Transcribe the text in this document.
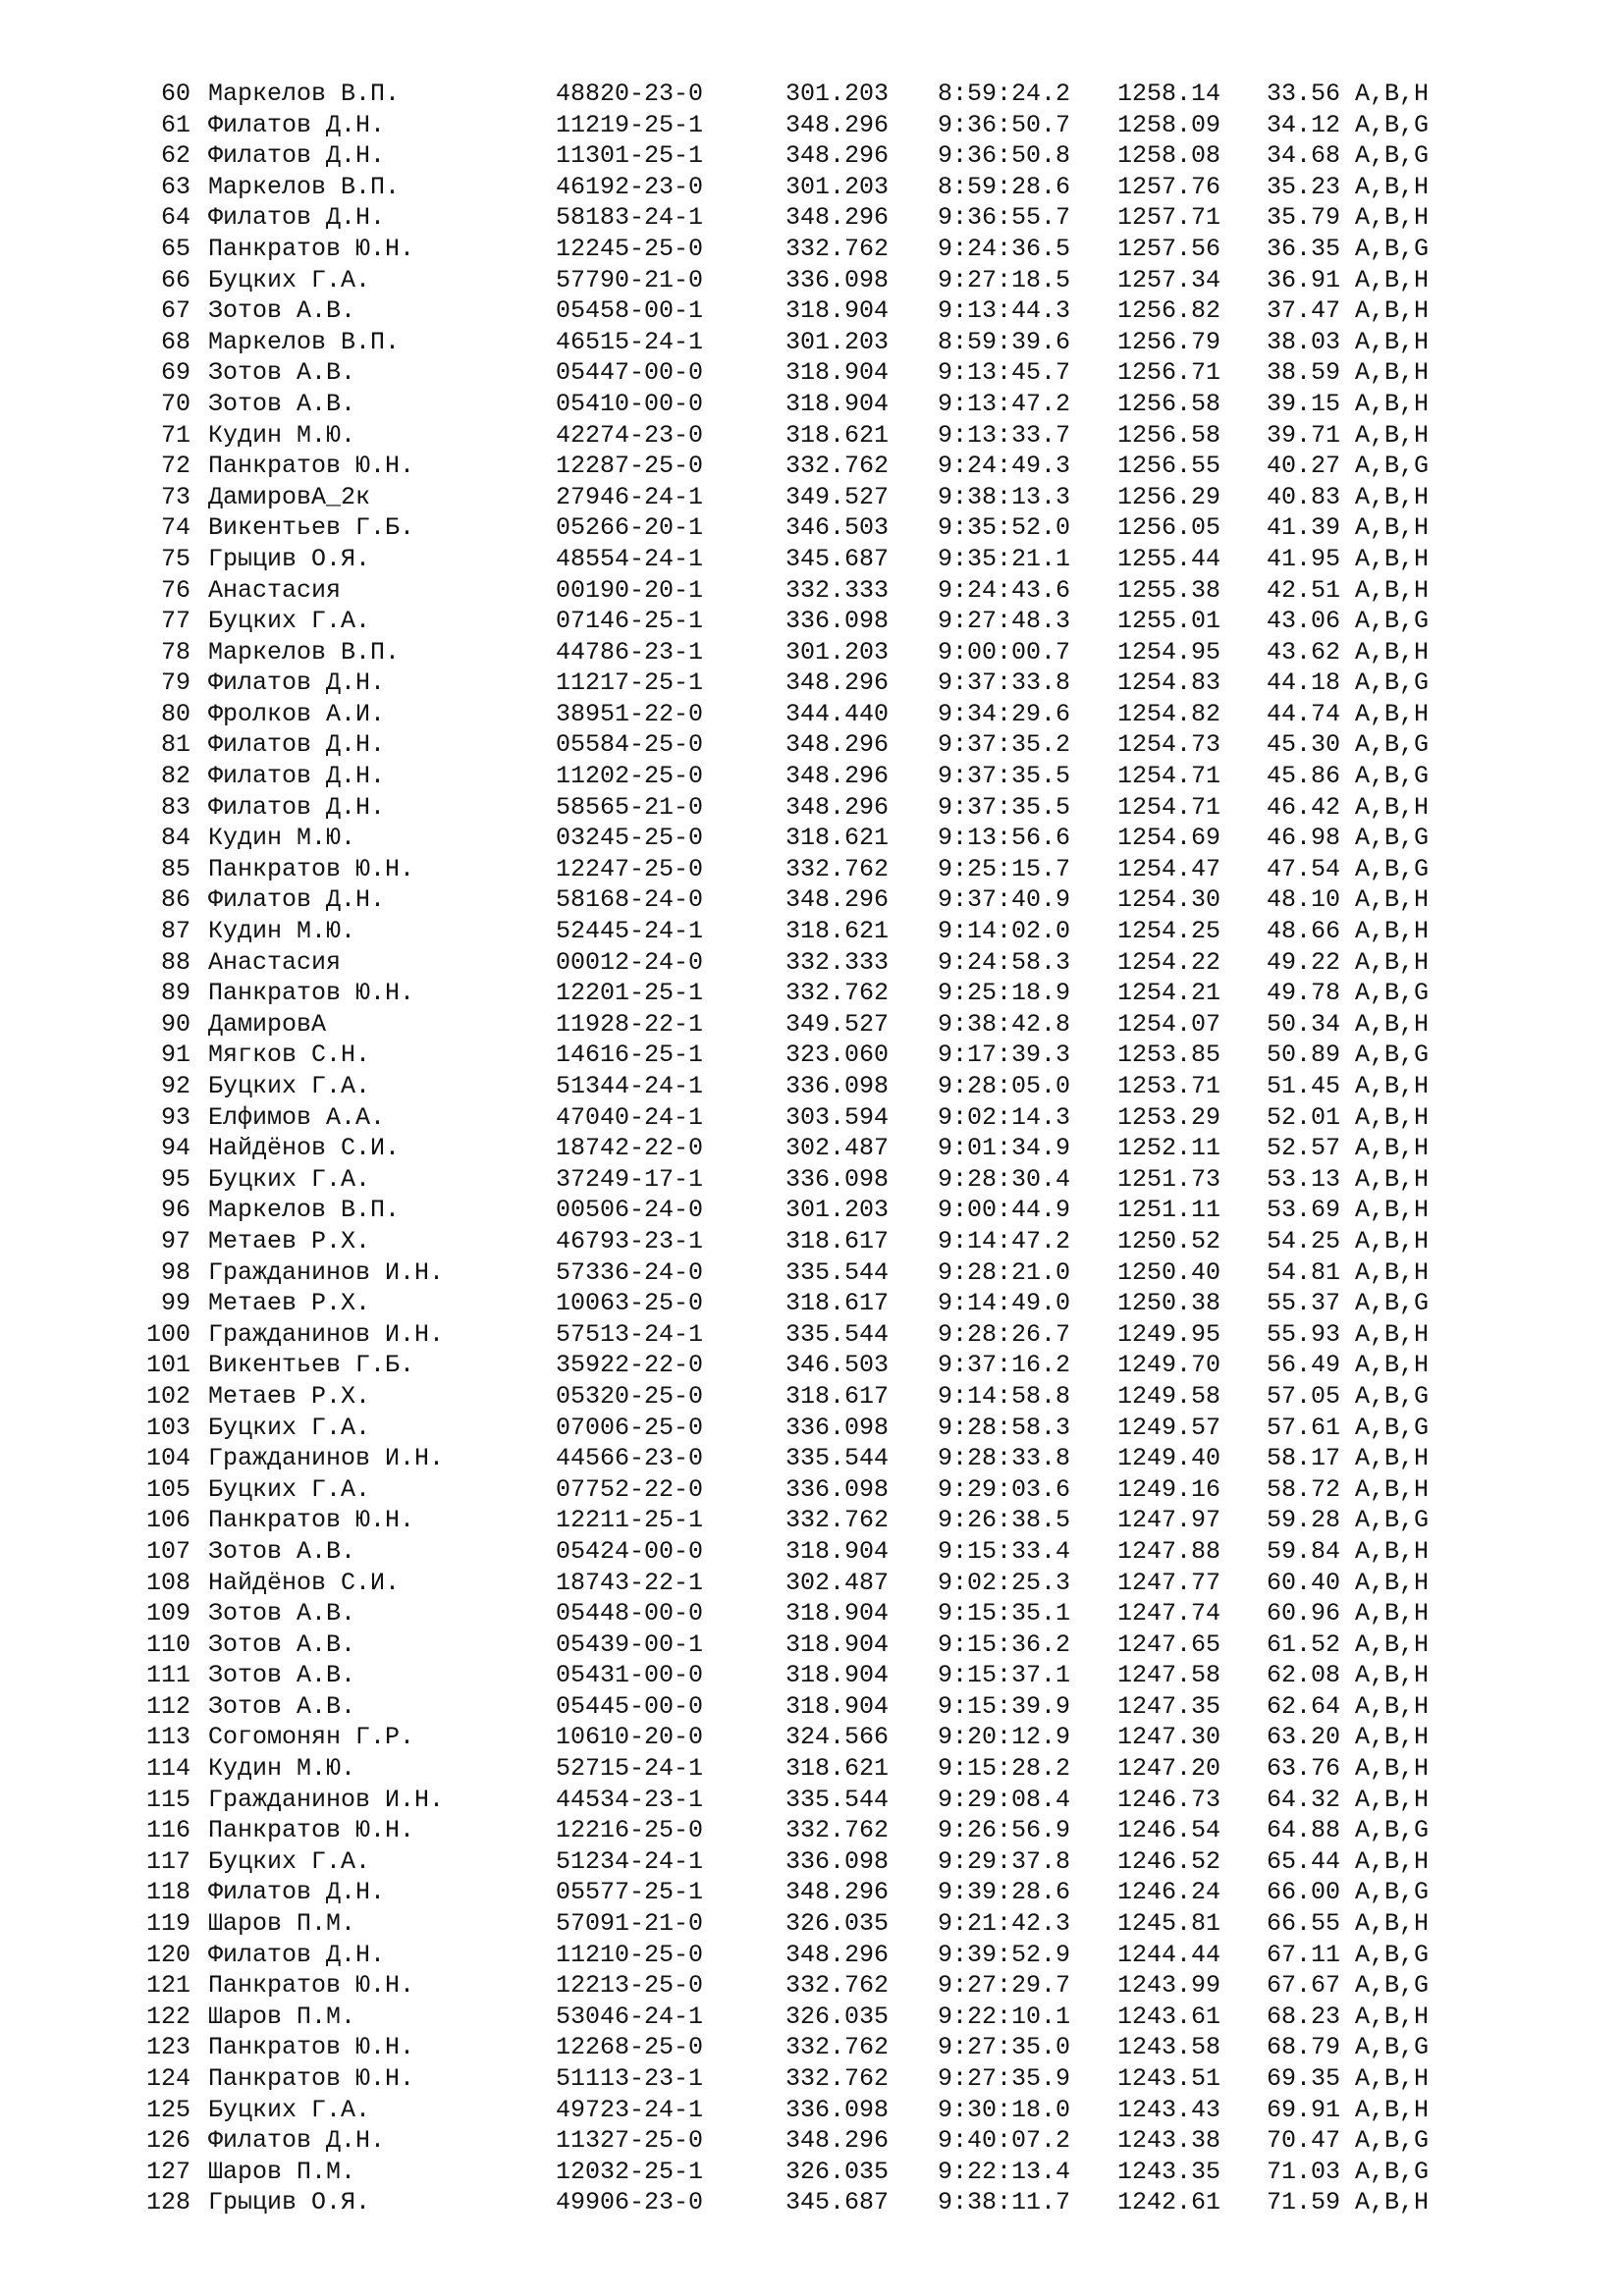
60 Маркелов В.П.	48820-23-0	301.203 8:59:24.2 1258.14 33.56 A,B,H
61 Филатов Д.Н.	11219-25-1	348.296 9:36:50.7 1258.09 34.12 A,B,G
62 Филатов Д.Н.	11301-25-1	348.296 9:36:50.8 1258.08 34.68 A,B,G
63 Маркелов В.П.	46192-23-0	301.203 8:59:28.6 1257.76 35.23 A,B,H
64 Филатов Д.Н.	58183-24-1	348.296 9:36:55.7 1257.71 35.79 A,B,H
65 Панкратов Ю.Н.	12245-25-0	332.762 9:24:36.5 1257.56 36.35 A,B,G
66 Буцких Г.А.	57790-21-0	336.098 9:27:18.5 1257.34 36.91 A,B,H
67 Зотов А.В.	05458-00-1	318.904 9:13:44.3 1256.82 37.47 A,B,H
68 Маркелов В.П.	46515-24-1	301.203 8:59:39.6 1256.79 38.03 A,B,H
69 Зотов А.В.	05447-00-0	318.904 9:13:45.7 1256.71 38.59 A,B,H
70 Зотов А.В.	05410-00-0	318.904 9:13:47.2 1256.58 39.15 A,B,H
71 Кудин М.Ю.	42274-23-0	318.621 9:13:33.7 1256.58 39.71 A,B,H
72 Панкратов Ю.Н.	12287-25-0	332.762 9:24:49.3 1256.55 40.27 A,B,G
73 ДамировА_2к	27946-24-1	349.527 9:38:13.3 1256.29 40.83 A,B,H
74 Викентьев Г.Б.	05266-20-1	346.503 9:35:52.0 1256.05 41.39 A,B,H
75 Грыцив О.Я.	48554-24-1	345.687 9:35:21.1 1255.44 41.95 A,B,H
76 Анастасия	00190-20-1	332.333 9:24:43.6 1255.38 42.51 A,B,H
77 Буцких Г.А.	07146-25-1	336.098 9:27:48.3 1255.01 43.06 A,B,G
78 Маркелов В.П.	44786-23-1	301.203 9:00:00.7 1254.95 43.62 A,B,H
79 Филатов Д.Н.	11217-25-1	348.296 9:37:33.8 1254.83 44.18 A,B,G
80 Фролков А.И.	38951-22-0	344.440 9:34:29.6 1254.82 44.74 A,B,H
81 Филатов Д.Н.	05584-25-0	348.296 9:37:35.2 1254.73 45.30 A,B,G
82 Филатов Д.Н.	11202-25-0	348.296 9:37:35.5 1254.71 45.86 A,B,G
83 Филатов Д.Н.	58565-21-0	348.296 9:37:35.5 1254.71 46.42 A,B,H
84 Кудин М.Ю.	03245-25-0	318.621 9:13:56.6 1254.69 46.98 A,B,G
85 Панкратов Ю.Н.	12247-25-0	332.762 9:25:15.7 1254.47 47.54 A,B,G
86 Филатов Д.Н.	58168-24-0	348.296 9:37:40.9 1254.30 48.10 A,B,H
87 Кудин М.Ю.	52445-24-1	318.621 9:14:02.0 1254.25 48.66 A,B,H
88 Анастасия	00012-24-0	332.333 9:24:58.3 1254.22 49.22 A,B,H
89 Панкратов Ю.Н.	12201-25-1	332.762 9:25:18.9 1254.21 49.78 A,B,G
90 ДамировА	11928-22-1	349.527 9:38:42.8 1254.07 50.34 A,B,H
91 Мягков С.Н.	14616-25-1	323.060 9:17:39.3 1253.85 50.89 A,B,G
92 Буцких Г.А.	51344-24-1	336.098 9:28:05.0 1253.71 51.45 A,B,H
93 Елфимов А.А.	47040-24-1	303.594 9:02:14.3 1253.29 52.01 A,B,H
94 Найдёнов С.И.	18742-22-0	302.487 9:01:34.9 1252.11 52.57 A,B,H
95 Буцких Г.А.	37249-17-1	336.098 9:28:30.4 1251.73 53.13 A,B,H
96 Маркелов В.П.	00506-24-0	301.203 9:00:44.9 1251.11 53.69 A,B,H
97 Метаев Р.Х.	46793-23-1	318.617 9:14:47.2 1250.52 54.25 A,B,H
98 Гражданинов И.Н.	57336-24-0	335.544 9:28:21.0 1250.40 54.81 A,B,H
99 Метаев Р.Х.	10063-25-0	318.617 9:14:49.0 1250.38 55.37 A,B,G
100 Гражданинов И.Н.	57513-24-1	335.544 9:28:26.7 1249.95 55.93 A,B,H
101 Викентьев Г.Б.	35922-22-0	346.503 9:37:16.2 1249.70 56.49 A,B,H
102 Метаев Р.Х.	05320-25-0	318.617 9:14:58.8 1249.58 57.05 A,B,G
103 Буцких Г.А.	07006-25-0	336.098 9:28:58.3 1249.57 57.61 A,B,G
104 Гражданинов И.Н.	44566-23-0	335.544 9:28:33.8 1249.40 58.17 A,B,H
105 Буцких Г.А.	07752-22-0	336.098 9:29:03.6 1249.16 58.72 A,B,H
106 Панкратов Ю.Н.	12211-25-1	332.762 9:26:38.5 1247.97 59.28 A,B,G
107 Зотов А.В.	05424-00-0	318.904 9:15:33.4 1247.88 59.84 A,B,H
108 Найдёнов С.И.	18743-22-1	302.487 9:02:25.3 1247.77 60.40 A,B,H
109 Зотов А.В.	05448-00-0	318.904 9:15:35.1 1247.74 60.96 A,B,H
110 Зотов А.В.	05439-00-1	318.904 9:15:36.2 1247.65 61.52 A,B,H
111 Зотов А.В.	05431-00-0	318.904 9:15:37.1 1247.58 62.08 A,B,H
112 Зотов А.В.	05445-00-0	318.904 9:15:39.9 1247.35 62.64 A,B,H
113 Согомонян Г.Р.	10610-20-0	324.566 9:20:12.9 1247.30 63.20 A,B,H
114 Кудин М.Ю.	52715-24-1	318.621 9:15:28.2 1247.20 63.76 A,B,H
115 Гражданинов И.Н.	44534-23-1	335.544 9:29:08.4 1246.73 64.32 A,B,H
116 Панкратов Ю.Н.	12216-25-0	332.762 9:26:56.9 1246.54 64.88 A,B,G
117 Буцких Г.А.	51234-24-1	336.098 9:29:37.8 1246.52 65.44 A,B,H
118 Филатов Д.Н.	05577-25-1	348.296 9:39:28.6 1246.24 66.00 A,B,G
119 Шаров П.М.	57091-21-0	326.035 9:21:42.3 1245.81 66.55 A,B,H
120 Филатов Д.Н.	11210-25-0	348.296 9:39:52.9 1244.44 67.11 A,B,G
121 Панкратов Ю.Н.	12213-25-0	332.762 9:27:29.7 1243.99 67.67 A,B,G
122 Шаров П.М.	53046-24-1	326.035 9:22:10.1 1243.61 68.23 A,B,H
123 Панкратов Ю.Н.	12268-25-0	332.762 9:27:35.0 1243.58 68.79 A,B,G
124 Панкратов Ю.Н.	51113-23-1	332.762 9:27:35.9 1243.51 69.35 A,B,H
125 Буцких Г.А.	49723-24-1	336.098 9:30:18.0 1243.43 69.91 A,B,H
126 Филатов Д.Н.	11327-25-0	348.296 9:40:07.2 1243.38 70.47 A,B,G
127 Шаров П.М.	12032-25-1	326.035 9:22:13.4 1243.35 71.03 A,B,G
128 Грыцив О.Я.	49906-23-0	345.687 9:38:11.7 1242.61 71.59 A,B,H
